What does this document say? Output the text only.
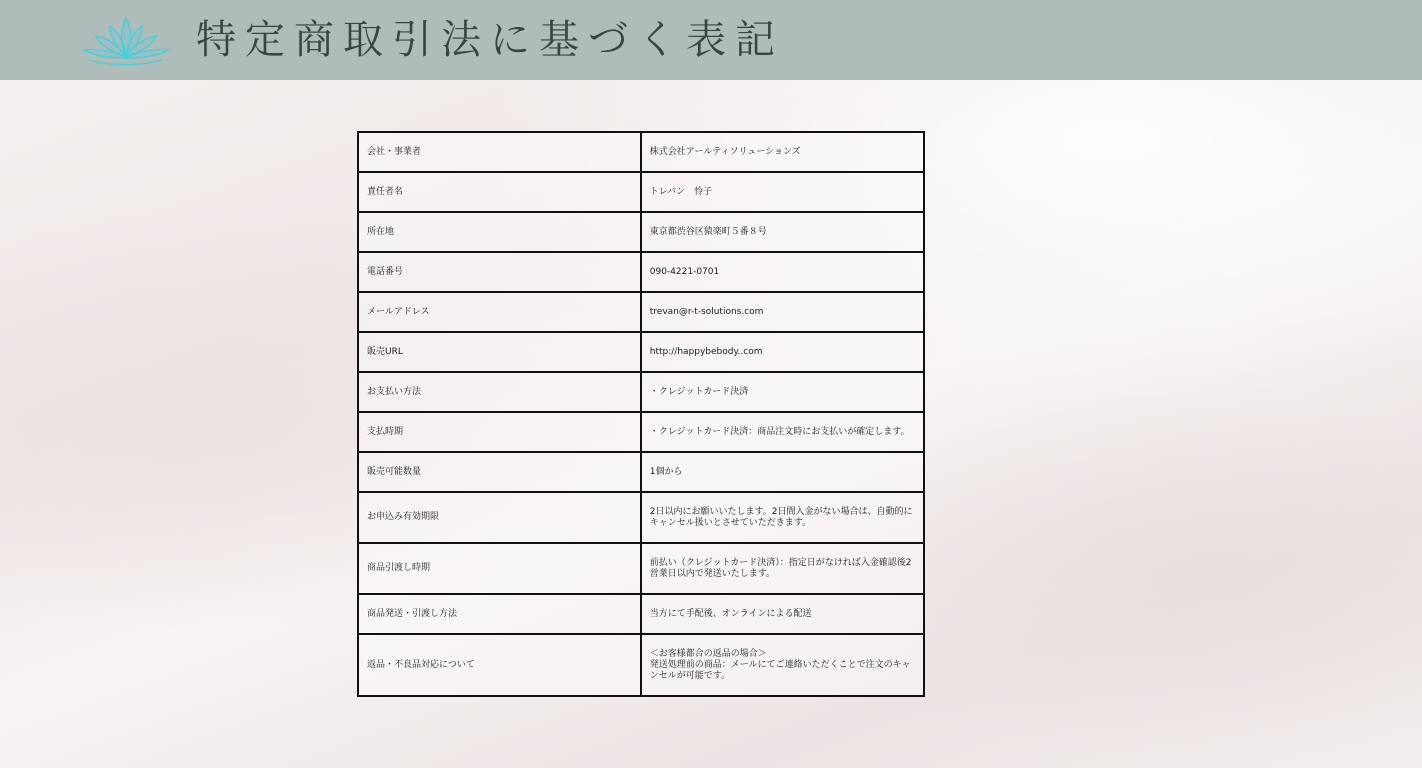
特定商取引法に基づく表記
会社・事業者	株式会社アールティソリューションズ

責任者名	トレバン　怜子

所在地	東京都渋谷区猿楽町５番８号

電話番号	090-4221-0701

メールアドレス	trevan@r-t-solutions.com

販売URL	http://happybebody..com

お支払い方法	・クレジットカード決済

支払時期	・クレジットカード決済：商品注文時にお支払いが確定します。

販売可能数量	1個から

お申込み有効期限	2日以内にお願いいたします。2日間入金がない場合は、自動的にキャンセル扱いとさせていただきます。

商品引渡し時期	前払い（クレジットカード決済）：指定日がなければ入金確認後2営業日以内で発送いたします。

商品発送・引渡し方法	当方にて手配後、オンラインによる配送

返品・不良品対応について	＜お客様都合の返品の場合＞
発送処理前の商品：メールにてご連絡いただくことで注文のキャンセルが可能です。
